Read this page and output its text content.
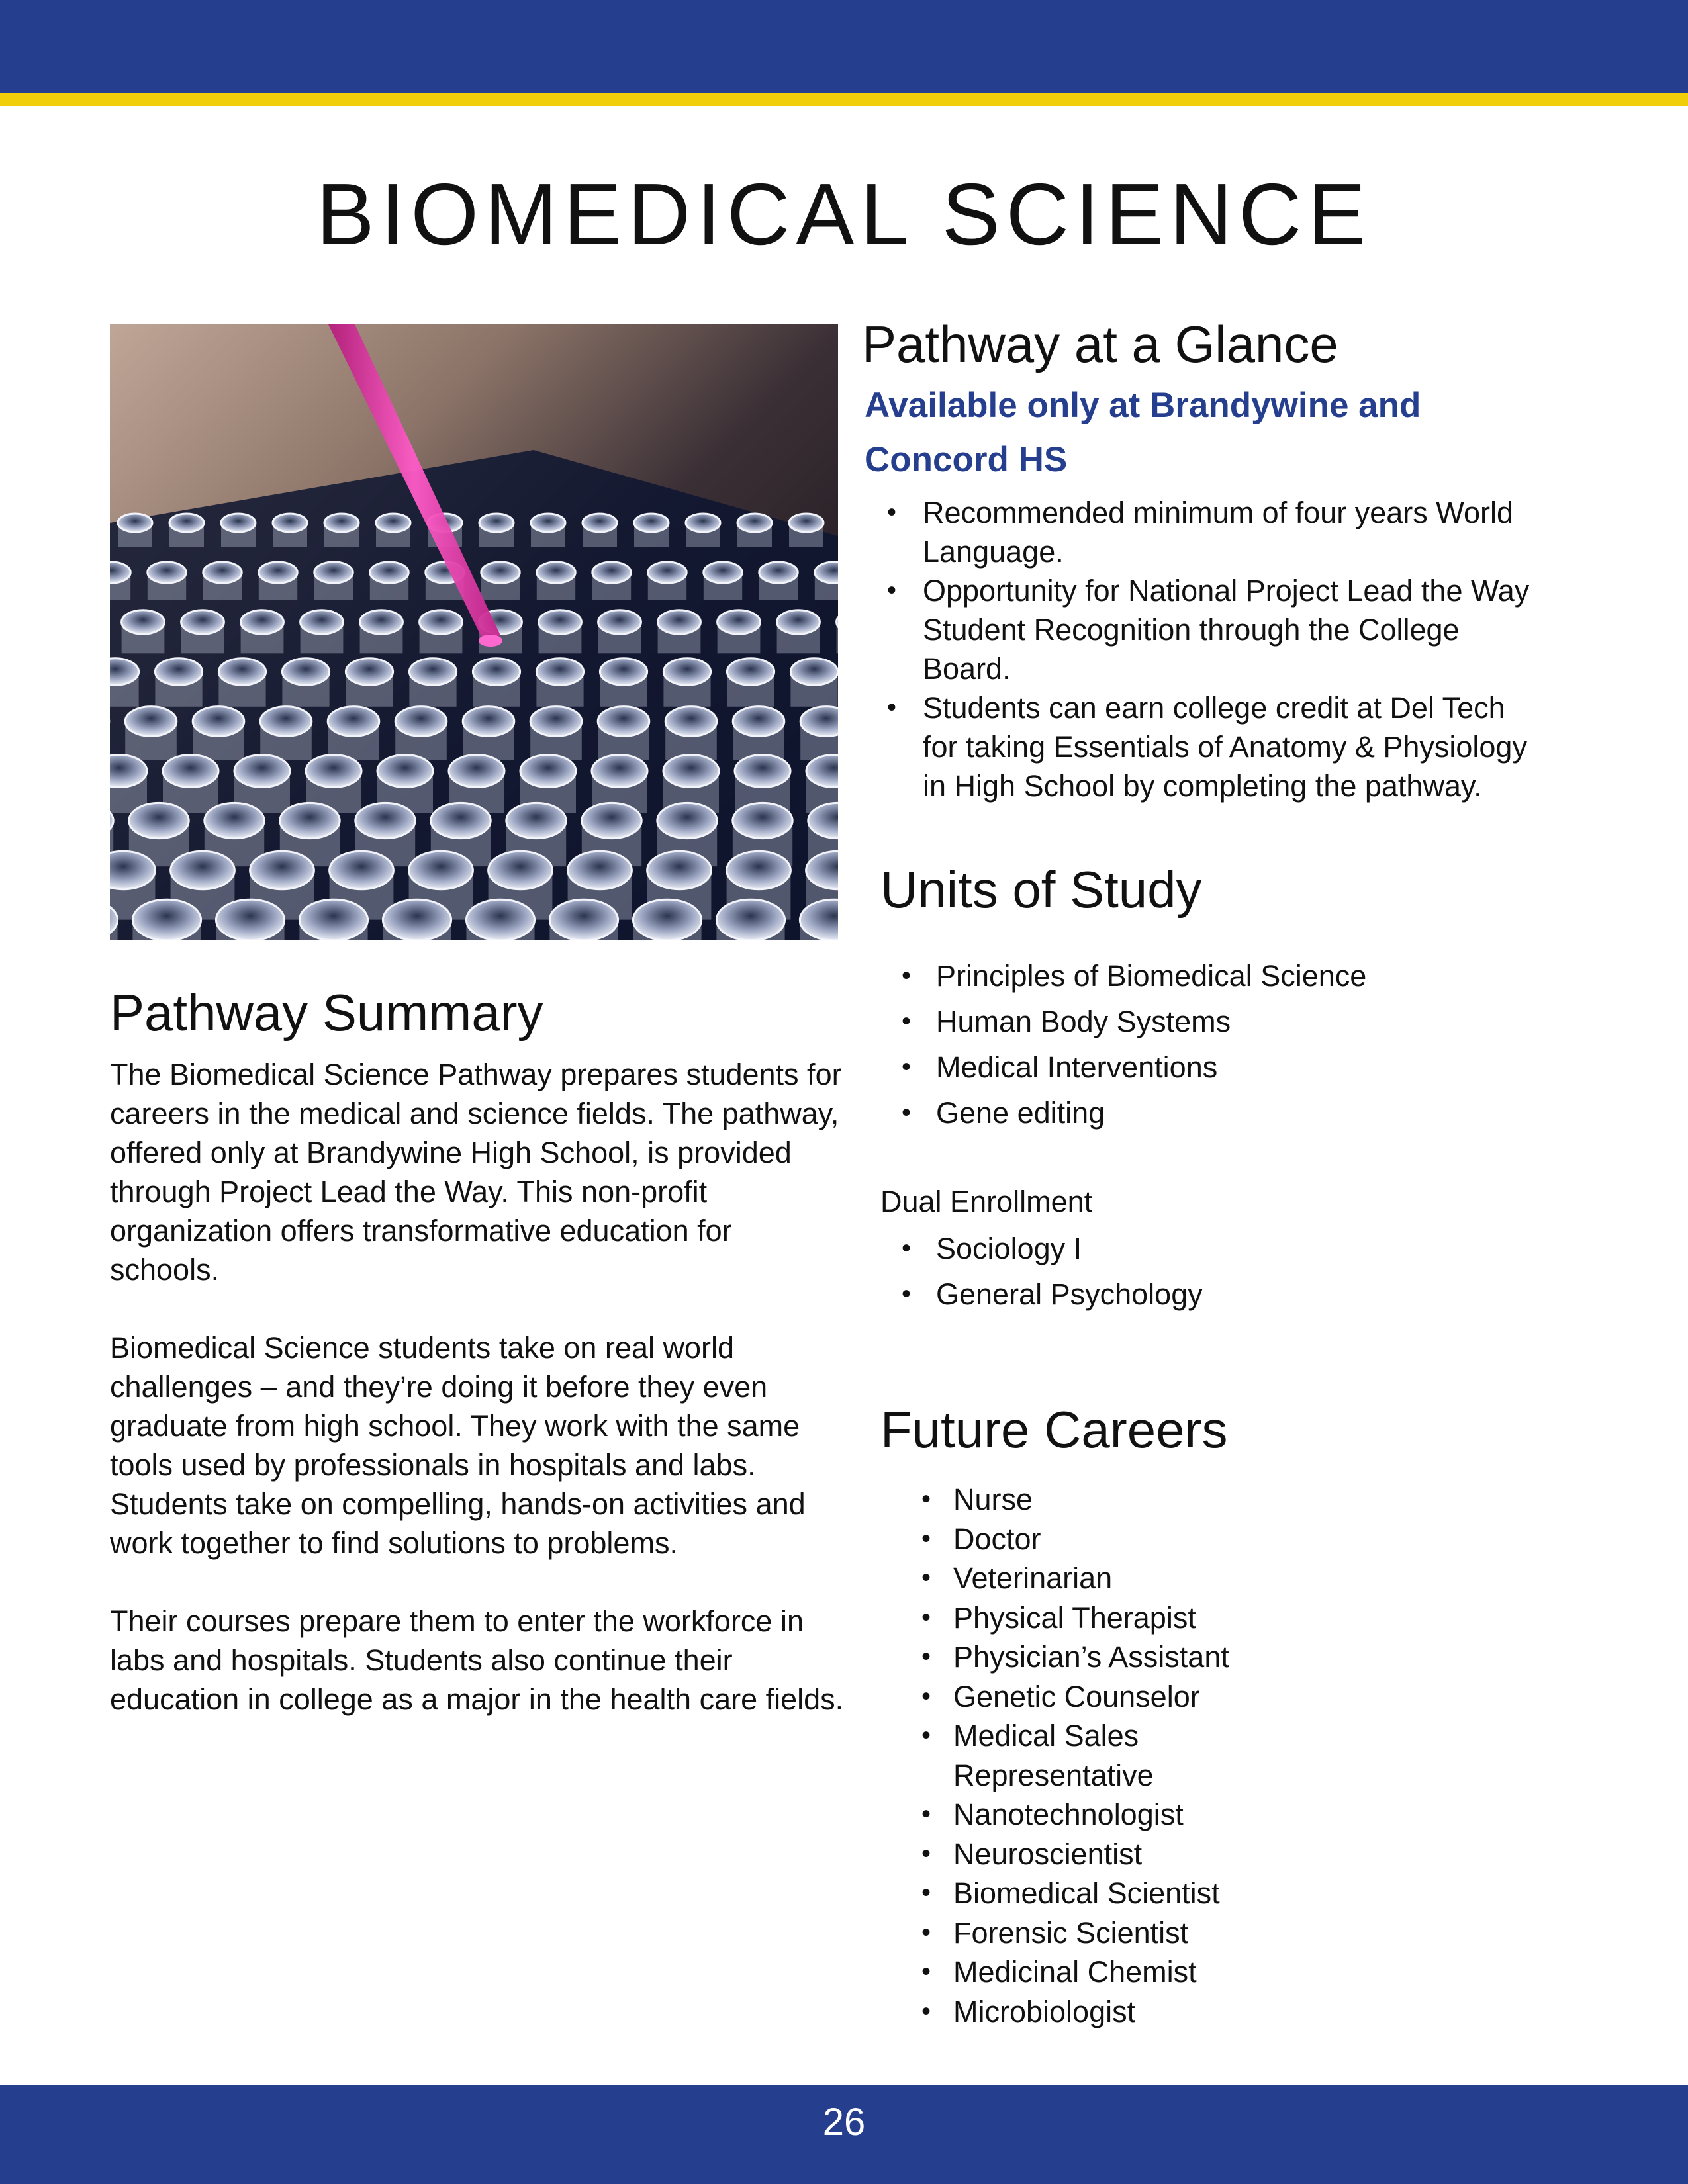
BIOMEDICAL SCIENCE
Pathway Summary

The Biomedical Science Pathway prepares students for careers in the medical and science fields. The pathway, offered only at Brandywine High School, is provided through Project Lead the Way. This non-profit organization offers transformative education for schools.

Biomedical Science students take on real world challenges – and they’re doing it before they even graduate from high school. They work with the same tools used by professionals in hospitals and labs. Students take on compelling, hands-on activities and work together to find solutions to problems.

Their courses prepare them to enter the workforce in labs and hospitals. Students also continue their education in college as a major in the health care fields.

Pathway at a Glance
Available only at Brandywine and Concord HS
• Recommended minimum of four years World Language.
• Opportunity for National Project Lead the Way Student Recognition through the College Board.
• Students can earn college credit at Del Tech for taking Essentials of Anatomy & Physiology in High School by completing the pathway.
Units of Study
• Principles of Biomedical Science
• Human Body Systems
• Medical Interventions
• Gene editing
Dual Enrollment
• Sociology I
• General Psychology
Future Careers
• Nurse
• Doctor
• Veterinarian
• Physical Therapist
• Physician’s Assistant
• Genetic Counselor
• Medical Sales Representative
• Nanotechnologist
• Neuroscientist
• Biomedical Scientist
• Forensic Scientist
• Medicinal Chemist
• Microbiologist
26
